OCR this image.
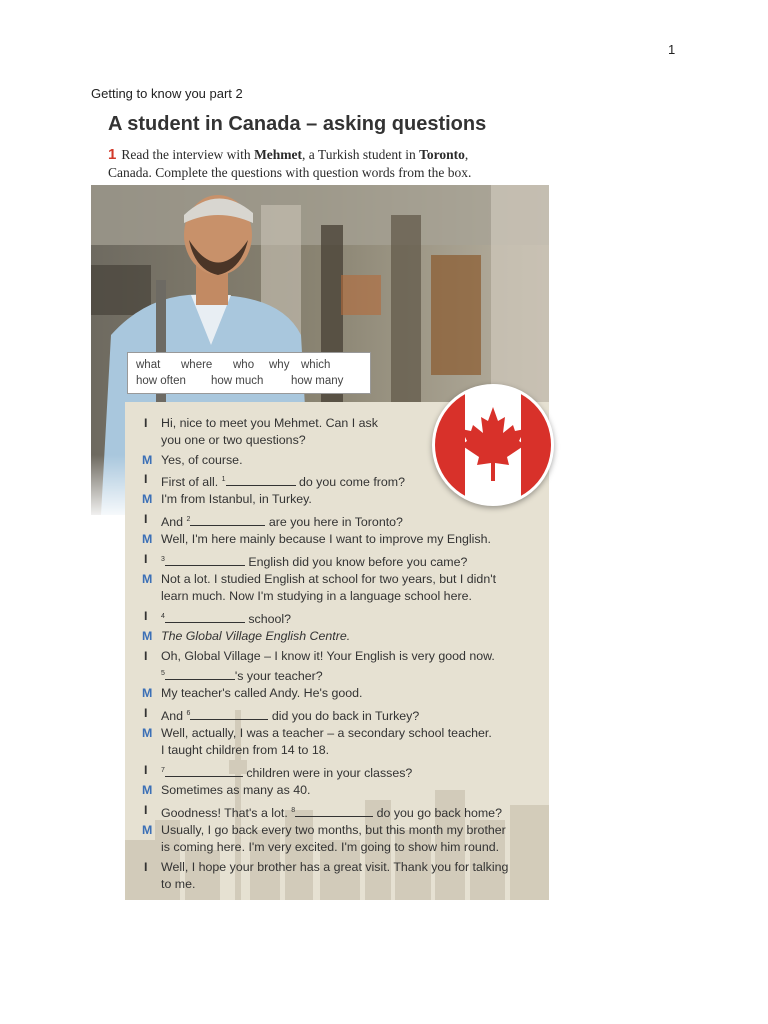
1
Getting to know you part 2
A student in Canada – asking questions
1 Read the interview with Mehmet, a Turkish student in Toronto,
Canada. Complete the questions with question words from the box.
what	where	who	why	which
how often	how much	how many
I Hi, nice to meet you Mehmet. Can I ask
you one or two questions?
M Yes, of course.
I First of all. $^1$	do you come from?
M I'm from Istanbul, in Turkey.
I And $^2$	are you here in Toronto?
M Well, I'm here mainly because I want to improve my English.
I $^3$	English did you know before you came?
M Not a lot. I studied English at school for two years, but I didn't
learn much. Now I'm studying in a language school here.
I $^4$	school?
M The Global Village English Centre.
I Oh, Global Village – I know it! Your English is very good now.
$^5$	's your teacher?
M My teacher's called Andy. He's good.
I And $^6$	did you do back in Turkey?
M Well, actually, I was a teacher – a secondary school teacher.
I taught children from 14 to 18.
I $^7$	children were in your classes?
M Sometimes as many as 40.
I Goodness! That's a lot. $^8$	do you go back home?
M Usually, I go back every two months, but this month my brother
is coming here. I'm very excited. I'm going to show him round.
I Well, I hope your brother has a great visit. Thank you for talking
to me.
